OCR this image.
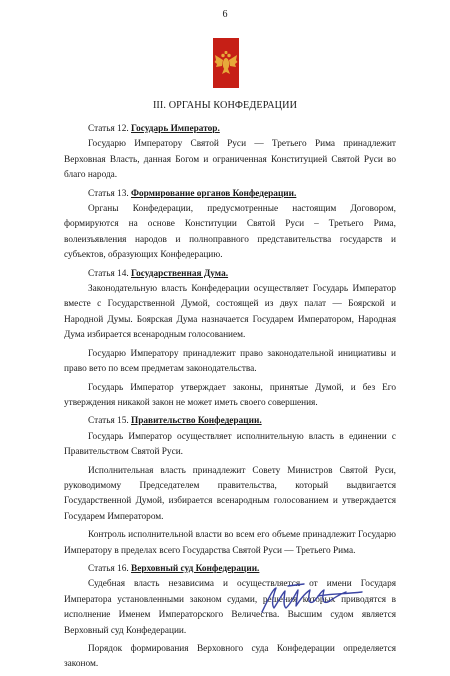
6
III. ОРГАНЫ КОНФЕДЕРАЦИИ

Статья 12. Государь Император.

Государю Императору Святой Руси — Третьего Рима принадлежит Верховная Власть, данная Богом и ограниченная Конституцией Святой Руси во благо народа.

Статья 13. Формирование органов Конфедерации.

Органы Конфедерации, предусмотренные настоящим Договором, формируются на основе Конституции Святой Руси – Третьего Рима, волеизъявления народов и полноправного представительства государств и субъектов, образующих Конфедерацию.

Статья 14. Государственная Дума.

Законодательную власть Конфедерации осуществляет Государь Император вместе с Государственной Думой, состоящей из двух палат — Боярской и Народной Думы. Боярская Дума назначается Государем Императором, Народная Дума избирается всенародным голосованием.

Государю Императору принадлежит право законодательной инициативы и право вето по всем предметам законодательства.

Государь Император утверждает законы, принятые Думой, и без Его утверждения никакой закон не может иметь своего совершения.

Статья 15. Правительство Конфедерации.

Государь Император осуществляет исполнительную власть в единении с Правительством Святой Руси.

Исполнительная власть принадлежит Совету Министров Святой Руси, руководимому Председателем правительства, который выдвигается Государственной Думой, избирается всенародным голосованием и утверждается Государем Императором.

Контроль исполнительной власти во всем его объеме принадлежит Государю Императору в пределах всего Государства Святой Руси — Третьего Рима.

Статья 16. Верховный суд Конфедерации.

Судебная власть независима и осуществляется от имени Государя Императора установленными законом судами, решения которых приводятся в исполнение Именем Императорского Величества. Высшим судом является Верховный суд Конфедерации.

Порядок формирования Верховного суда Конфедерации определяется законом.
